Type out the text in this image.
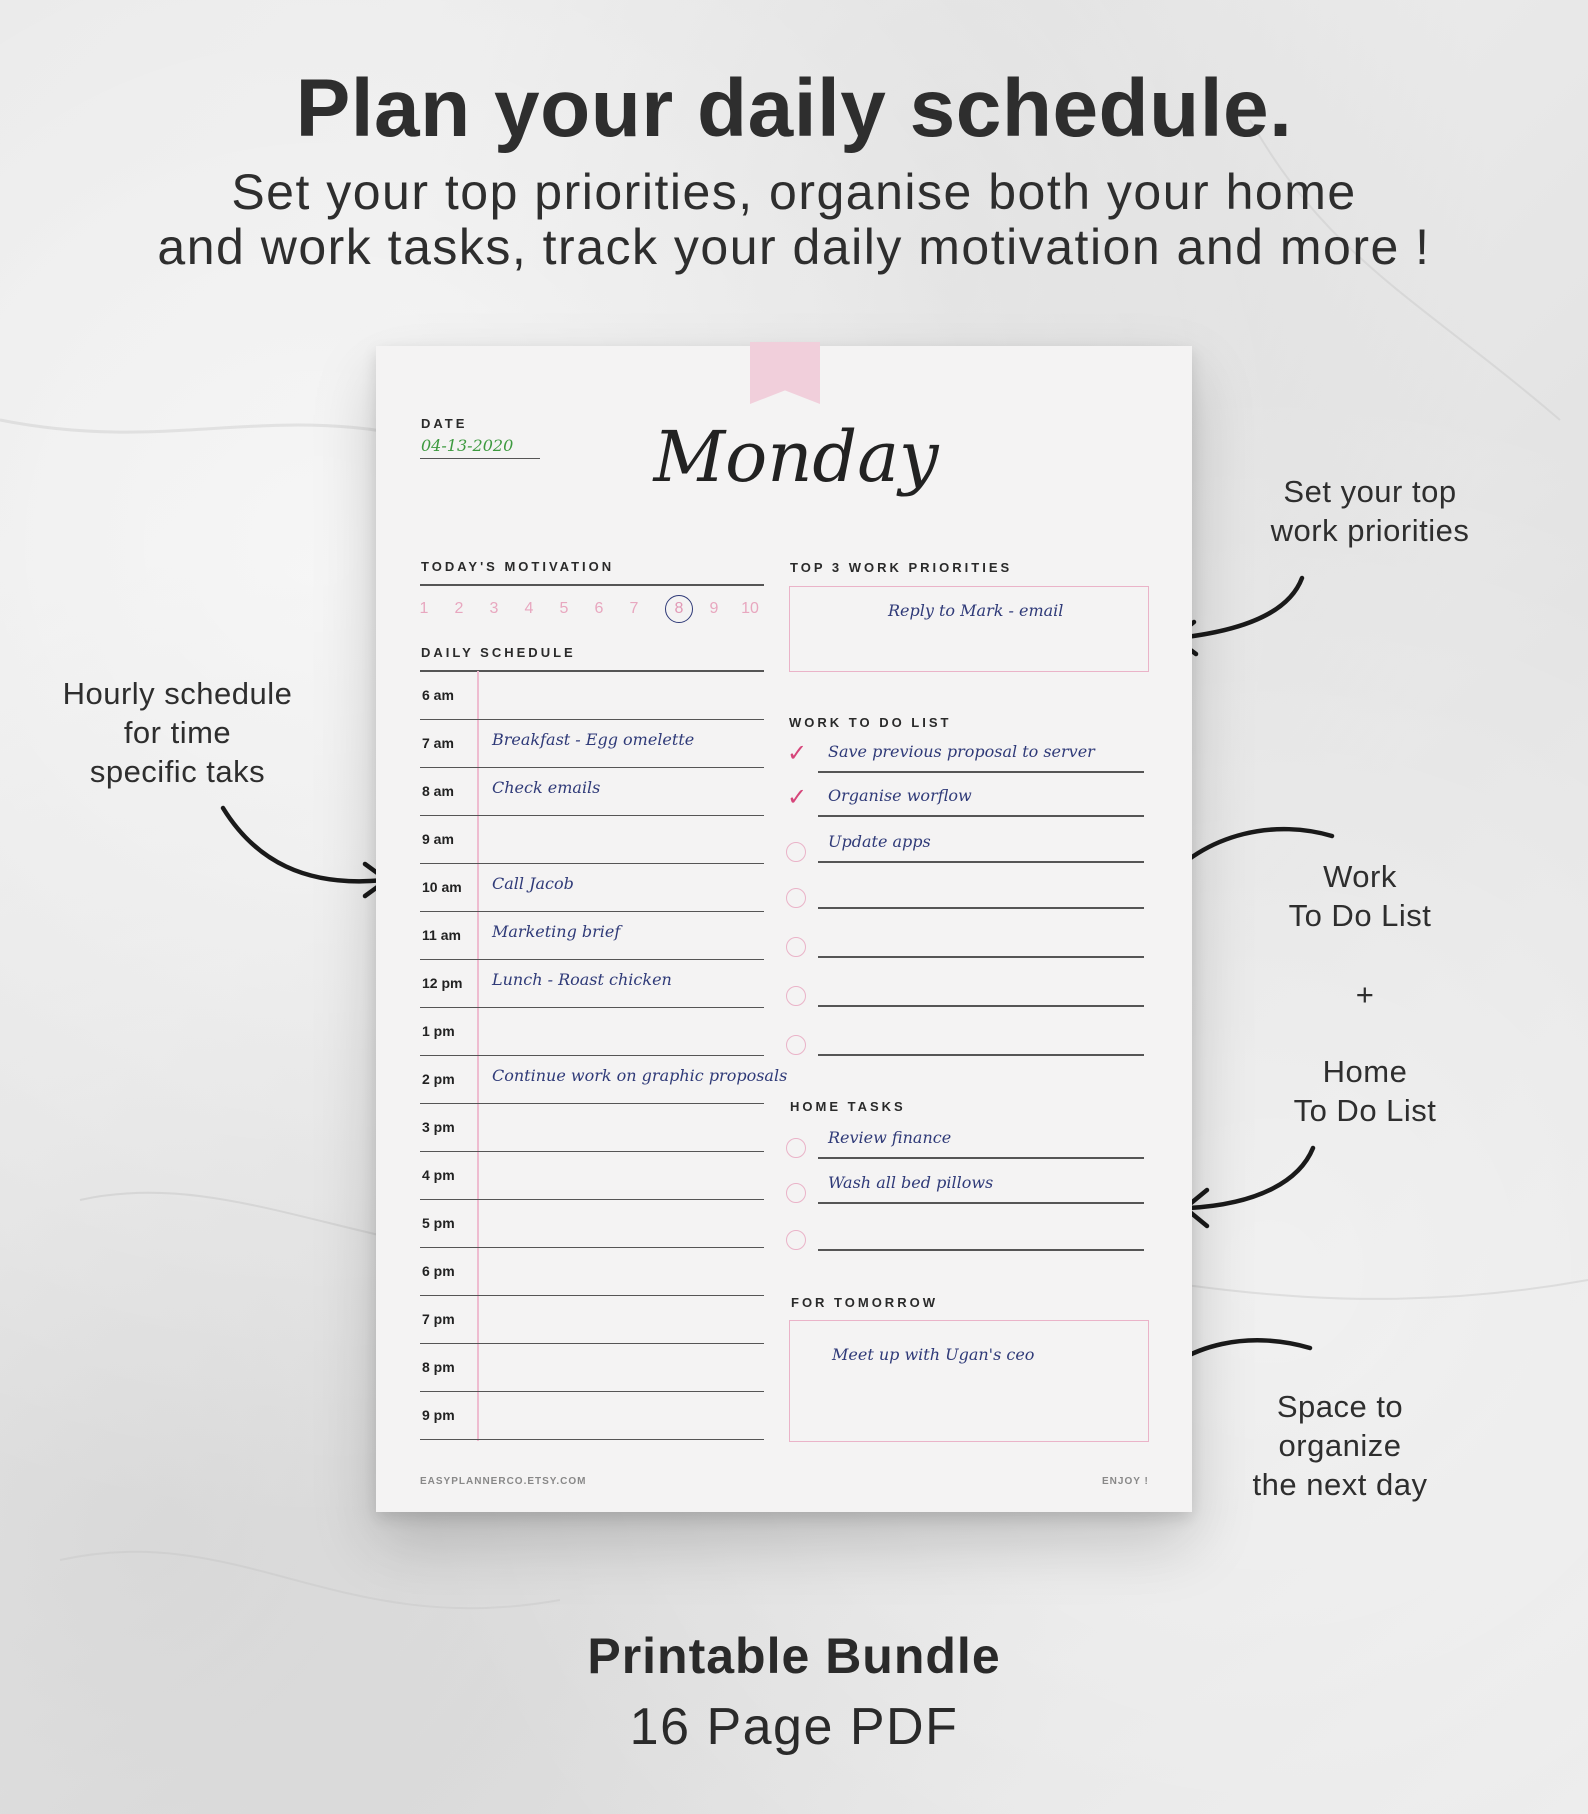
Plan your daily schedule.
Set your top priorities, organise both your home
and work tasks, track your daily motivation and more !
Set your top
work priorities
Hourly schedule
for time
specific taks
Work
To Do List
+
Home
To Do List
Space to
organize
the next day
DATE
04-13-2020 Monday
TODAY'S MOTIVATION
1	2	3	4	5	6	7	8	9	10
DAILY SCHEDULE
6 am
7 am Breakfast - Egg omelette
8 am Check emails
9 am
10 am Call Jacob
11 am Marketing brief
12 pm Lunch - Roast chicken
1 pm
2 pm Continue work on graphic proposals
3 pm
4 pm
5 pm
6 pm
7 pm
8 pm
9 pm
TOP 3 WORK PRIORITIES
Reply to Mark - email
WORK TO DO LIST
✓ Save previous proposal to server
✓ Organise worflow
Update apps
HOME TASKS
Review finance
Wash all bed pillows
FOR TOMORROW
Meet up with Ugan's ceo
EASYPLANNERCO.ETSY.COM	ENJOY !
Printable Bundle
16 Page PDF
